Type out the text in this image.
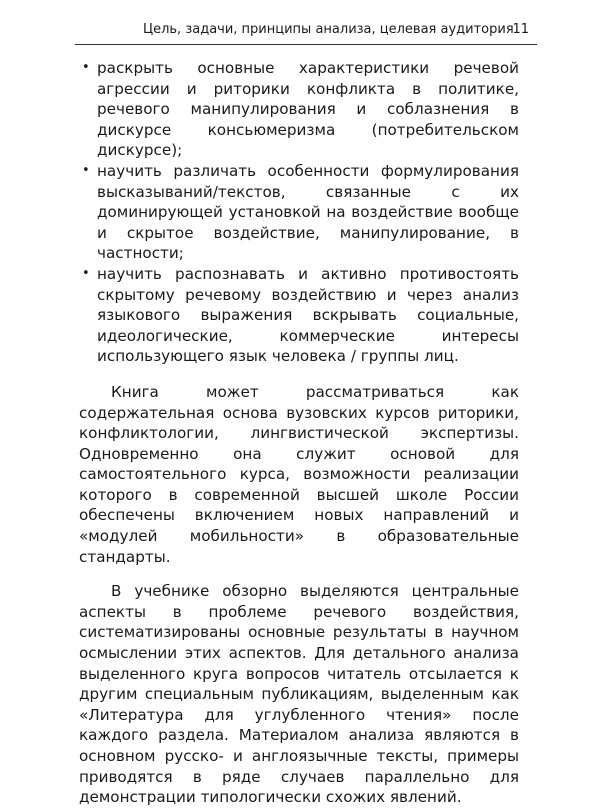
Цель, задачи, принципы анализа, целевая аудитория
11
• раскрыть основные характеристики речевой агрессии и риторики конфликта в политике, речевого манипулирования и соблазнения в дискурсе консьюмеризма (потребительском дискурсе);
• научить различать особенности формулирования высказываний/текстов, связанные с их доминирующей установкой на воздействие вообще и скрытое воздействие, манипулирование, в частности;
• научить распознавать и активно противостоять скрытому речевому воздействию и через анализ языкового выражения вскрывать социальные, идеологические, коммерческие интересы использующего язык человека / группы лиц.

Книга может рассматриваться как содержательная основа вузовских курсов риторики, конфликтологии, лингвистической экспертизы. Одновременно она служит основой для самостоятельного курса, возможности реализации которого в современной высшей школе России обеспечены включением новых направлений и «модулей мобильности» в образовательные стандарты.

В учебнике обзорно выделяются центральные аспекты в проблеме речевого воздействия, систематизированы основные результаты в научном осмыслении этих аспектов. Для детального анализа выделенного круга вопросов читатель отсылается к другим специальным публикациям, выделенным как «Литература для углубленного чтения» после каждого раздела. Материалом анализа являются в основном русско- и англоязычные тексты, примеры приводятся в ряде случаев параллельно для демонстрации типологически схожих явлений.
